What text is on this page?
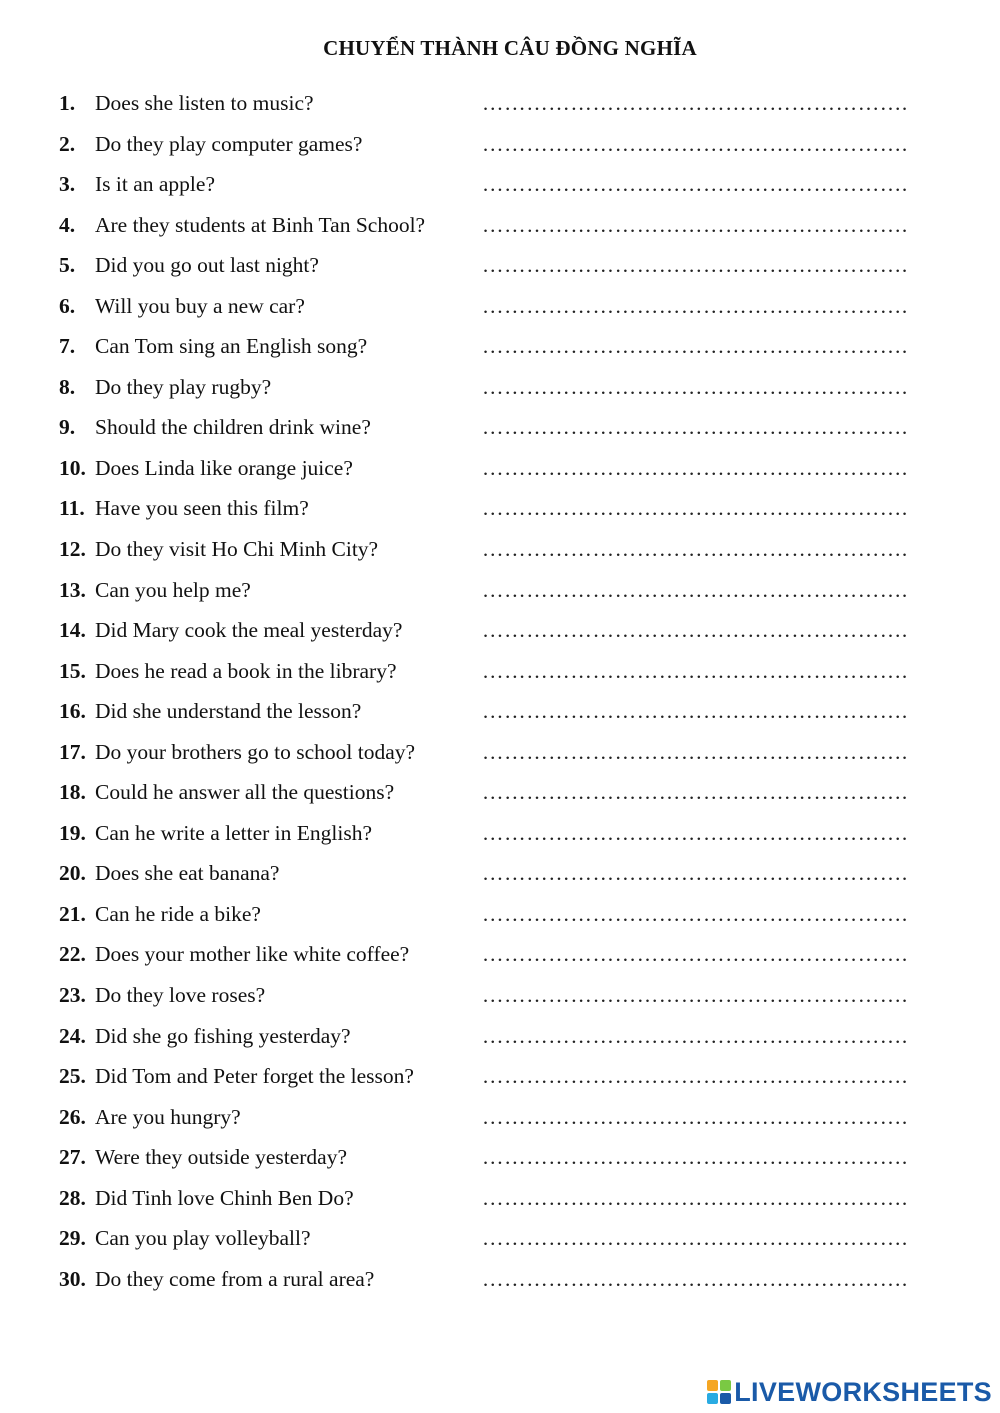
CHUYỂN THÀNH CÂU ĐỒNG NGHĨA
1. Does she listen to music?	………………………………………………….
2. Do they play computer games?	………………………………………………….
3. Is it an apple?	………………………………………………….
4. Are they students at Binh Tan School?	………………………………………………….
5. Did you go out last night?	………………………………………………….
6. Will you buy a new car?	………………………………………………….
7. Can Tom sing an English song?	………………………………………………….
8. Do they play rugby?	………………………………………………….
9. Should the children drink wine?	………………………………………………….
10. Does Linda like orange juice?	………………………………………………….
11. Have you seen this film?	………………………………………………….
12. Do they visit Ho Chi Minh City?	………………………………………………….
13. Can you help me?	………………………………………………….
14. Did Mary cook the meal yesterday?	………………………………………………….
15. Does he read a book in the library?	………………………………………………….
16. Did she understand the lesson?	………………………………………………….
17. Do your brothers go to school today?	………………………………………………….
18. Could he answer all the questions?	………………………………………………….
19. Can he write a letter in English?	………………………………………………….
20. Does she eat banana?	………………………………………………….
21. Can he ride a bike?	………………………………………………….
22. Does your mother like white coffee?	………………………………………………….
23. Do they love roses?	………………………………………………….
24. Did she go fishing yesterday?	………………………………………………….
25. Did Tom and Peter forget the lesson?	………………………………………………….
26. Are you hungry?	………………………………………………….
27. Were they outside yesterday?	………………………………………………….
28. Did Tinh love Chinh Ben Do?	………………………………………………….
29. Can you play volleyball?	………………………………………………….
30. Do they come from a rural area?	………………………………………………….
LIVEWORKSHEETS
